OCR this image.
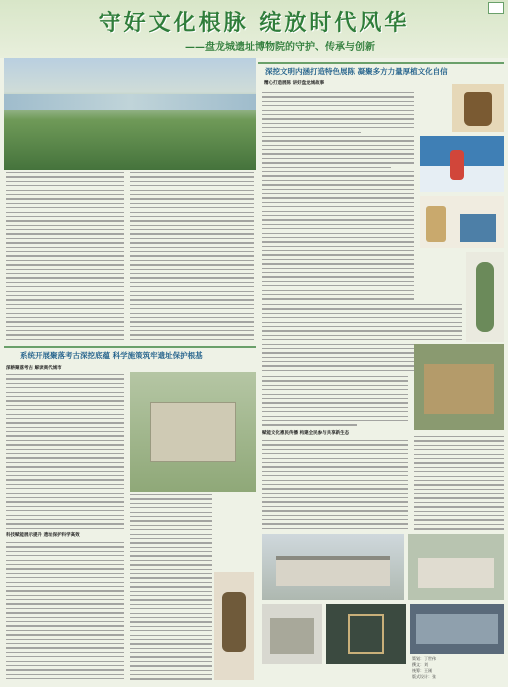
守好文化根脉 绽放时代风华
——盘龙城遗址博物院的守护、传承与创新
深挖文明内涵打造特色展陈 凝聚多方力量厚植文化自信
精心打造展陈 讲好盘龙城故事
系统开展聚落考古深挖底蕴 科学施策筑牢遗址保护根基
深耕聚落考古 解读商代城市
科技赋能展示提升 遗址保护科学高效
赋能文化惠民传播 构建全民参与共享新生态
策划：丁世伟
撰文：刘
统筹：王刚
版式设计：张
